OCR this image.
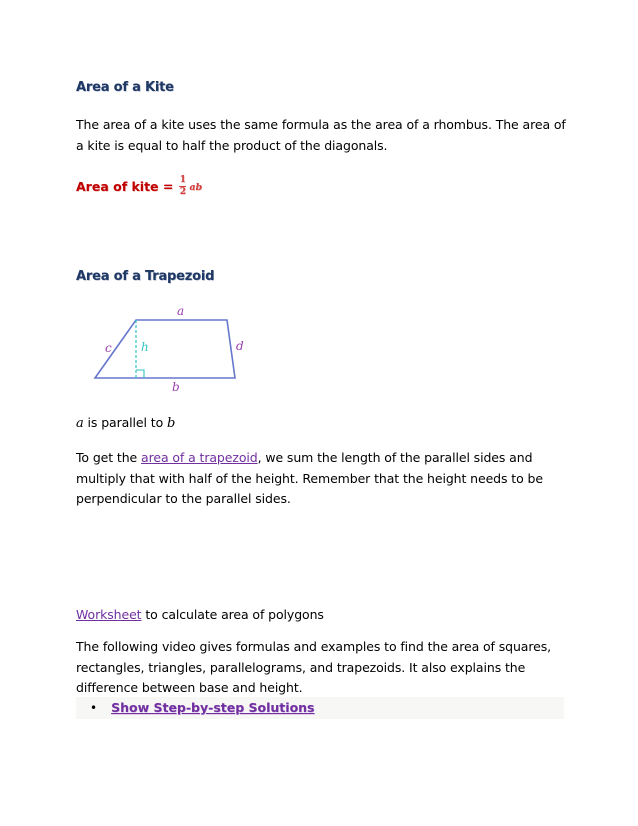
Area of a Kite
The area of a kite uses the same formula as the area of a rhombus. The area of
a kite is equal to half the product of the diagonals.
Area of kite = $\frac{1}{2}$ ab
Area of a Trapezoid
a
b
c	d
h
a is parallel to b
To get the area of a trapezoid, we sum the length of the parallel sides and
multiply that with half of the height. Remember that the height needs to be
perpendicular to the parallel sides.
Worksheet to calculate area of polygons
The following video gives formulas and examples to find the area of squares,
rectangles, triangles, parallelograms, and trapezoids. It also explains the
difference between base and height.
• Show Step-by-step Solutions
